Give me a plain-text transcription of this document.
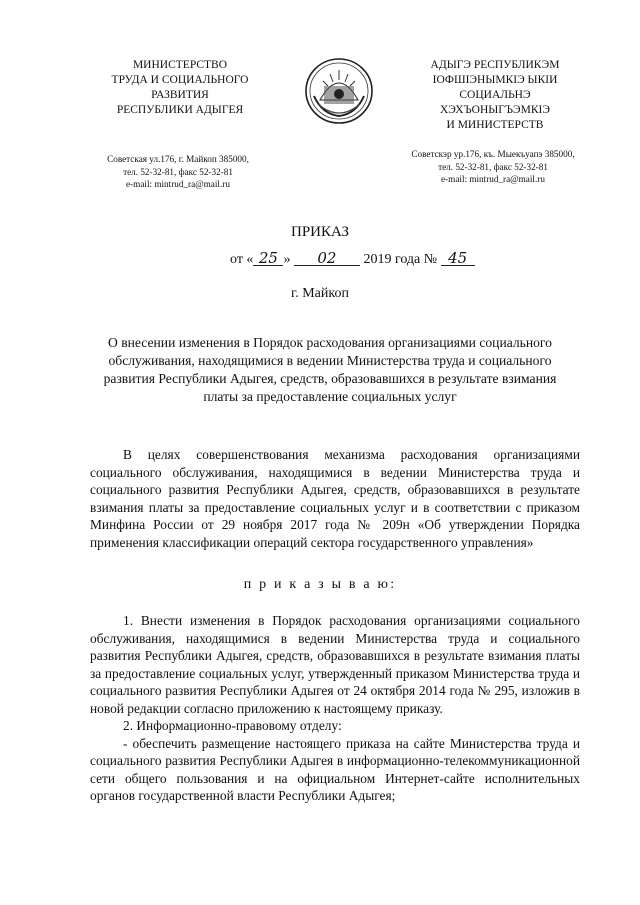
МИНИСТЕРСТВО
ТРУДА И СОЦИАЛЬНОГО
РАЗВИТИЯ
РЕСПУБЛИКИ АДЫГЕЯ
АДЫГЭ РЕСПУБЛИКЭМ
IОФШIЭНЫМКIЭ ЫКIИ
СОЦИАЛЬНЭ
ХЭХЪОНЫГЪЭМКIЭ
И МИНИСТЕРСТВ
Советская ул.176, г. Майкоп 385000,
тел. 52-32-81, факс 52-32-81
e-mail: mintrud_ra@mail.ru
Советскэр ур.176, къ. Мыекъуапэ 385000,
тел. 52-32-81, факс 52-32-81
e-mail: mintrud_ra@mail.ru
ПРИКАЗ
от « 25 » 02 2019 года № 45
г. Майкоп
О внесении изменения в Порядок расходования организациями социального обслуживания, находящимися в ведении Министерства труда и социального развития Республики Адыгея, средств, образовавшихся в результате взимания платы за предоставление социальных услуг

В целях совершенствования механизма расходования организациями социального обслуживания, находящимися в ведении Министерства труда и социального развития Республики Адыгея, средств, образовавшихся в результате взимания платы за предоставление социальных услуг и в соответствии с приказом Минфина России от 29 ноября 2017 года № 209н «Об утверждении Порядка применения классификации операций сектора государственного управления»

п р и к а з ы в а ю:

1. Внести изменения в Порядок расходования организациями социального обслуживания, находящимися в ведении Министерства труда и социального развития Республики Адыгея, средств, образовавшихся в результате взимания платы за предоставление социальных услуг, утвержденный приказом Министерства труда и социального развития Республики Адыгея от 24 октября 2014 года № 295, изложив в новой редакции согласно приложению к настоящему приказу.

2. Информационно-правовому отделу:

- обеспечить размещение настоящего приказа на сайте Министерства труда и социального развития Республики Адыгея в информационно-телекоммуникационной сети общего пользования и на официальном Интернет-сайте исполнительных органов государственной власти Республики Адыгея;
